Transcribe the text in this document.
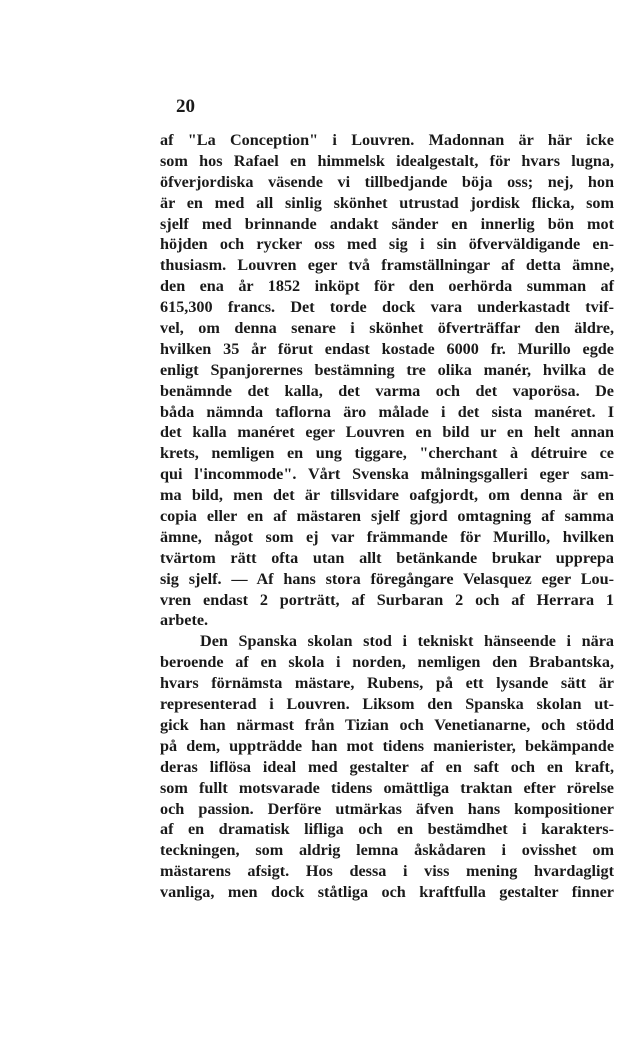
20
af "La Conception" i Louvren. Madonnan är här icke
som hos Rafael en himmelsk idealgestalt, för hvars lugna,
öfverjordiska väsende vi tillbedjande böja oss; nej, hon
är en med all sinlig skönhet utrustad jordisk flicka, som
sjelf med brinnande andakt sänder en innerlig bön mot
höjden och rycker oss med sig i sin öfverväldigande en-
thusiasm. Louvren eger två framställningar af detta ämne,
den ena år 1852 inköpt för den oerhörda summan af
615,300 francs. Det torde dock vara underkastadt tvif-
vel, om denna senare i skönhet öfverträffar den äldre,
hvilken 35 år förut endast kostade 6000 fr. Murillo egde
enligt Spanjorernes bestämning tre olika manér, hvilka de
benämnde det kalla, det varma och det vaporösa. De
båda nämnda taflorna äro målade i det sista manéret. I
det kalla manéret eger Louvren en bild ur en helt annan
krets, nemligen en ung tiggare, "cherchant à détruire ce
qui l'incommode". Vårt Svenska målningsgalleri eger sam-
ma bild, men det är tillsvidare oafgjordt, om denna är en
copia eller en af mästaren sjelf gjord omtagning af samma
ämne, något som ej var främmande för Murillo, hvilken
tvärtom rätt ofta utan allt betänkande brukar upprepa
sig sjelf. — Af hans stora föregångare Velasquez eger Lou-
vren endast 2 porträtt, af Surbaran 2 och af Herrara 1
arbete.
Den Spanska skolan stod i tekniskt hänseende i nära
beroende af en skola i norden, nemligen den Brabantska,
hvars förnämsta mästare, Rubens, på ett lysande sätt är
representerad i Louvren. Liksom den Spanska skolan ut-
gick han närmast från Tizian och Venetianarne, och stödd
på dem, uppträdde han mot tidens manierister, bekämpande
deras liflösa ideal med gestalter af en saft och en kraft,
som fullt motsvarade tidens omättliga traktan efter rörelse
och passion. Derföre utmärkas äfven hans kompositioner
af en dramatisk lifliga och en bestämdhet i karakters-
teckningen, som aldrig lemna åskådaren i ovisshet om
mästarens afsigt. Hos dessa i viss mening hvardagligt
vanliga, men dock ståtliga och kraftfulla gestalter finner
